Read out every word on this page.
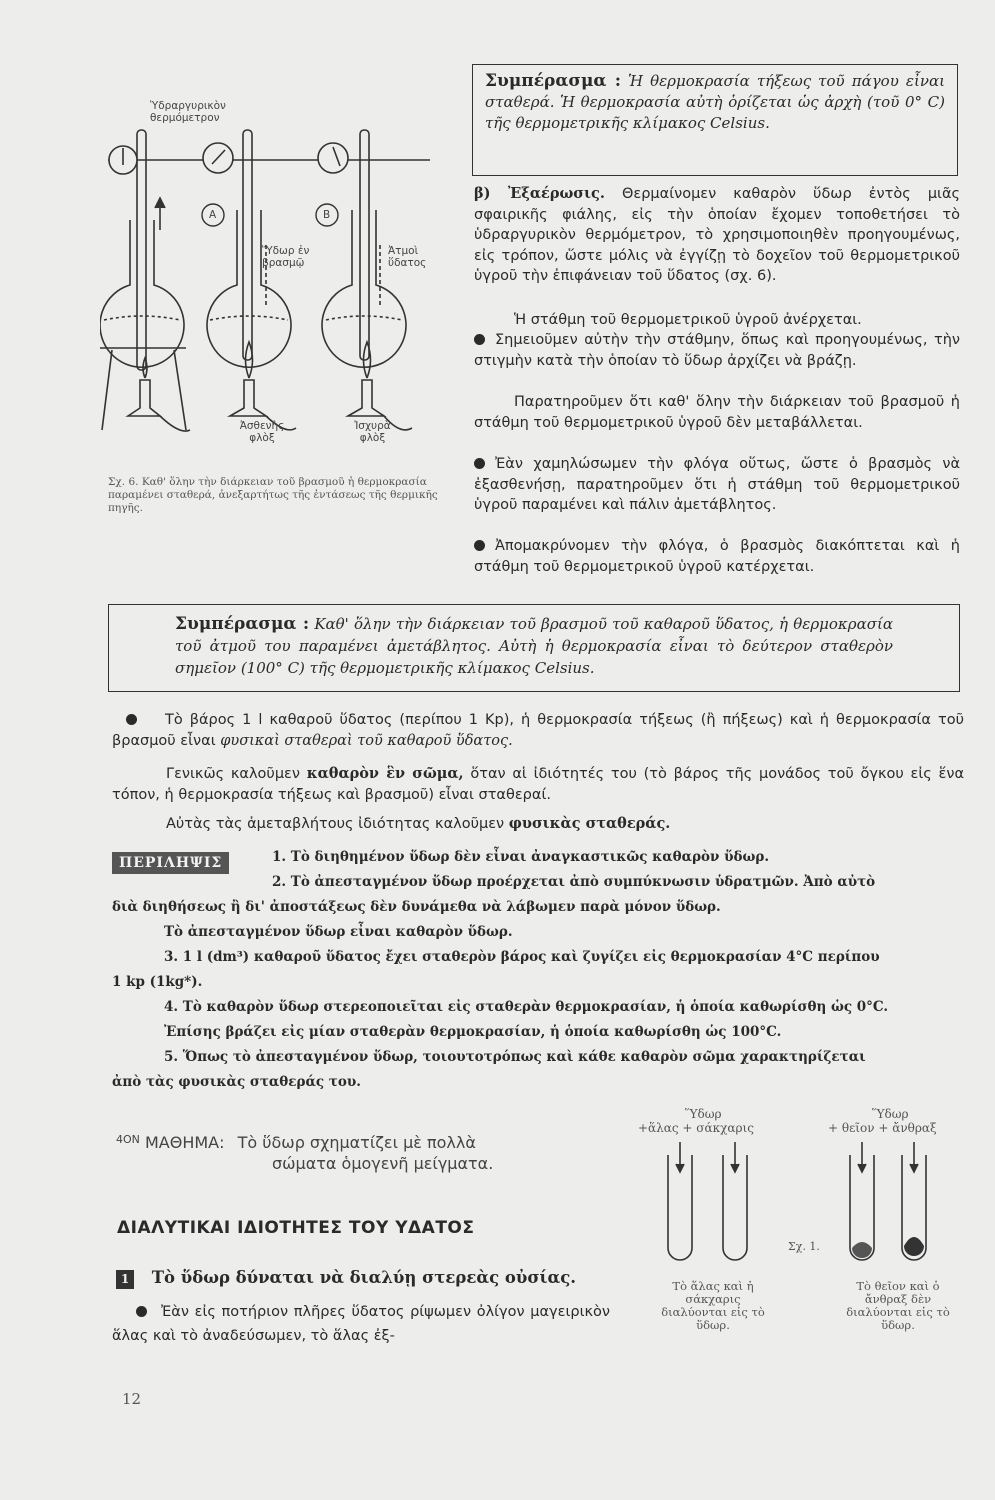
A	B
Ὑδραργυρικὸν θερμόμετρον
Ὕδωρ ἐν βρασμῷ
Ἀτμοὶ ὕδατος
Ἀσθενὴς φλὸξ
Ἰσχυρὰ φλὸξ
Σχ. 6. Καθ' ὅλην τὴν διάρκειαν τοῦ βρασμοῦ ἡ θερμοκρασία παραμένει σταθερά, ἀνεξαρτήτως τῆς ἐντάσεως τῆς θερμικῆς πηγῆς.
Συμπέρασμα : Ἡ θερμοκρασία τήξεως τοῦ πάγου εἶναι σταθερά. Ἡ θερμοκρασία αὐτὴ ὁρίζεται ὡς ἀρχὴ (τοῦ 0° C) τῆς θερμομετρικῆς κλίμακος Celsius.
β) Ἐξαέρωσις. Θερμαίνομεν καθαρὸν ὕδωρ ἐντὸς μιᾶς σφαιρικῆς φιάλης, εἰς τὴν ὁποίαν ἔχομεν τοποθετήσει τὸ ὑδραργυρικὸν θερμόμετρον, τὸ χρησιμοποιηθὲν προηγουμένως, εἰς τρόπον, ὥστε μόλις νὰ ἐγγίζῃ τὸ δοχεῖον τοῦ θερμομετρικοῦ ὑγροῦ τὴν ἐπιφάνειαν τοῦ ὕδατος (σχ. 6).
Ἡ στάθμη τοῦ θερμομετρικοῦ ὑγροῦ ἀνέρχεται.
Σημειοῦμεν αὐτὴν τὴν στάθμην, ὅπως καὶ προηγουμένως, τὴν στιγμὴν κατὰ τὴν ὁποίαν τὸ ὕδωρ ἀρχίζει νὰ βράζῃ.
Παρατηροῦμεν ὅτι καθ' ὅλην τὴν διάρκειαν τοῦ βρασμοῦ ἡ στάθμη τοῦ θερμομετρικοῦ ὑγροῦ δὲν μεταβάλλεται.
Ἐὰν χαμηλώσωμεν τὴν φλόγα οὕτως, ὥστε ὁ βρασμὸς νὰ ἐξασθενήσῃ, παρατηροῦμεν ὅτι ἡ στάθμη τοῦ θερμομετρικοῦ ὑγροῦ παραμένει καὶ πάλιν ἀμετάβλητος.
Ἀπομακρύνομεν τὴν φλόγα, ὁ βρασμὸς διακόπτεται καὶ ἡ στάθμη τοῦ θερμομετρικοῦ ὑγροῦ κατέρχεται.
Συμπέρασμα : Καθ' ὅλην τὴν διάρκειαν τοῦ βρασμοῦ τοῦ καθαροῦ ὕδατος, ἡ θερμοκρασία τοῦ ἀτμοῦ του παραμένει ἀμετάβλητος. Αὐτὴ ἡ θερμοκρασία εἶναι τὸ δεύτερον σταθερὸν σημεῖον (100° C) τῆς θερμομετρικῆς κλίμακος Celsius.
Τὸ βάρος 1 l καθαροῦ ὕδατος (περίπου 1 Kp), ἡ θερμοκρασία τήξεως (ἢ πήξεως) καὶ ἡ θερμοκρασία τοῦ βρασμοῦ εἶναι φυσικαὶ σταθεραὶ τοῦ καθαροῦ ὕδατος.
Γενικῶς καλοῦμεν καθαρὸν ἓν σῶμα, ὅταν αἱ ἰδιότητές του (τὸ βάρος τῆς μονάδος τοῦ ὄγκου εἰς ἕνα τόπον, ἡ θερμοκρασία τήξεως καὶ βρασμοῦ) εἶναι σταθεραί.
Αὐτὰς τὰς ἀμεταβλήτους ἰδιότητας καλοῦμεν φυσικὰς σταθεράς.
ΠΕΡΙΛΗΨΙΣ	1. Τὸ διηθημένον ὕδωρ δὲν εἶναι ἀναγκαστικῶς καθαρὸν ὕδωρ.
2. Τὸ ἀπεσταγμένον ὕδωρ προέρχεται ἀπὸ συμπύκνωσιν ὑδρατμῶν. Ἀπὸ αὐτὸ
διὰ διηθήσεως ἢ δι' ἀποστάξεως δὲν δυνάμεθα νὰ λάβωμεν παρὰ μόνον ὕδωρ.
Τὸ ἀπεσταγμένον ὕδωρ εἶναι καθαρὸν ὕδωρ.
3. 1 l (dm³) καθαροῦ ὕδατος ἔχει σταθερὸν βάρος καὶ ζυγίζει εἰς θερμοκρασίαν 4°C περίπου
1 kp (1kg*).
4. Τὸ καθαρὸν ὕδωρ στερεοποιεῖται εἰς σταθερὰν θερμοκρασίαν, ἡ ὁποία καθωρίσθη ὡς 0°C.
Ἐπίσης βράζει εἰς μίαν σταθερὰν θερμοκρασίαν, ἡ ὁποία καθωρίσθη ὡς 100°C.
5. Ὅπως τὸ ἀπεσταγμένον ὕδωρ, τοιουτοτρόπως καὶ κάθε καθαρὸν σῶμα χαρακτηρίζεται
ἀπὸ τὰς φυσικὰς σταθεράς του.
$^{4ON}$ ΜΑΘΗΜΑ: Τὸ ὕδωρ σχηματίζει μὲ πολλὰ
σώματα ὁμογενῆ μείγματα.
ΔΙΑΛΥΤΙΚΑΙ ΙΔΙΟΤΗΤΕΣ ΤΟΥ ΥΔΑΤΟΣ
1 Τὸ ὕδωρ δύναται νὰ διαλύῃ στερεὰς οὐσίας.
Ἐὰν εἰς ποτήριον πλῆρες ὕδατος ρίψωμεν ὀλίγον μαγειρικὸν ἅλας καὶ τὸ ἀναδεύσωμεν, τὸ ἅλας ἐξ-
Ὕδωρ
+ἅλας + σάκχαρις
Ὕδωρ
+ θεῖον + ἄνθραξ
Σχ. 1.
Τὸ ἅλας καὶ ἡ σάκχαρις διαλύονται εἰς τὸ ὕδωρ.
Τὸ θεῖον καὶ ὁ ἄνθραξ δὲν διαλύονται εἰς τὸ ὕδωρ.
12
